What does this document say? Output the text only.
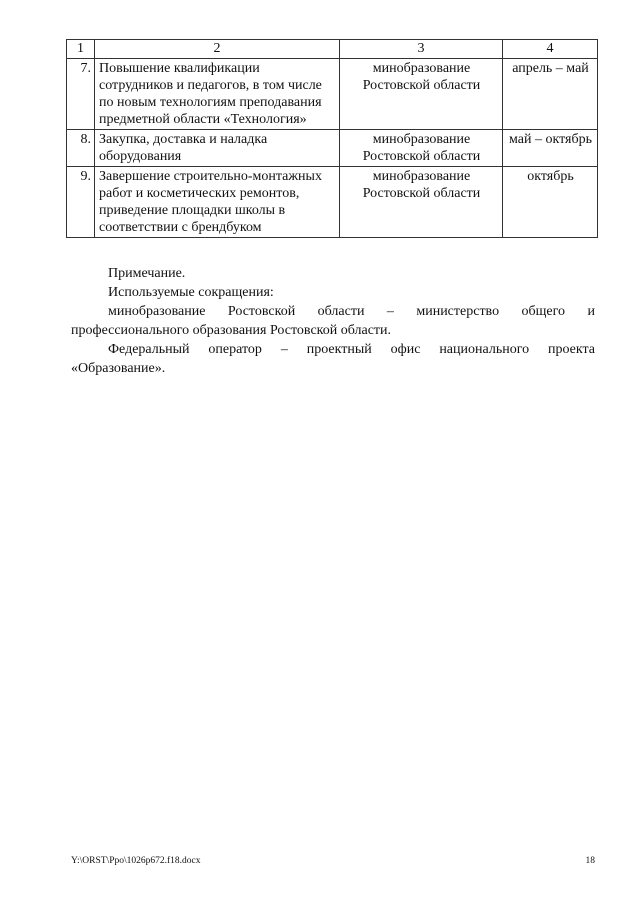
1	2	3	4
7.	Повышение квалификации сотрудников и педагогов, в том числе по новым технологиям преподавания предметной области «Технология»	минобразование Ростовской области	апрель – май
8.	Закупка, доставка и наладка оборудования	минобразование Ростовской области	май – октябрь
9.	Завершение строительно-монтажных работ и косметических ремонтов, приведение площадки школы в соответствии с брендбуком	минобразование Ростовской области	октябрь

Примечание.

Используемые сокращения:

минобразование Ростовской области – министерство общего и профессионального образования Ростовской области.

Федеральный оператор – проектный офис национального проекта «Образование».

Y:\ORST\Ppo\1026p672.f18.docx	18
